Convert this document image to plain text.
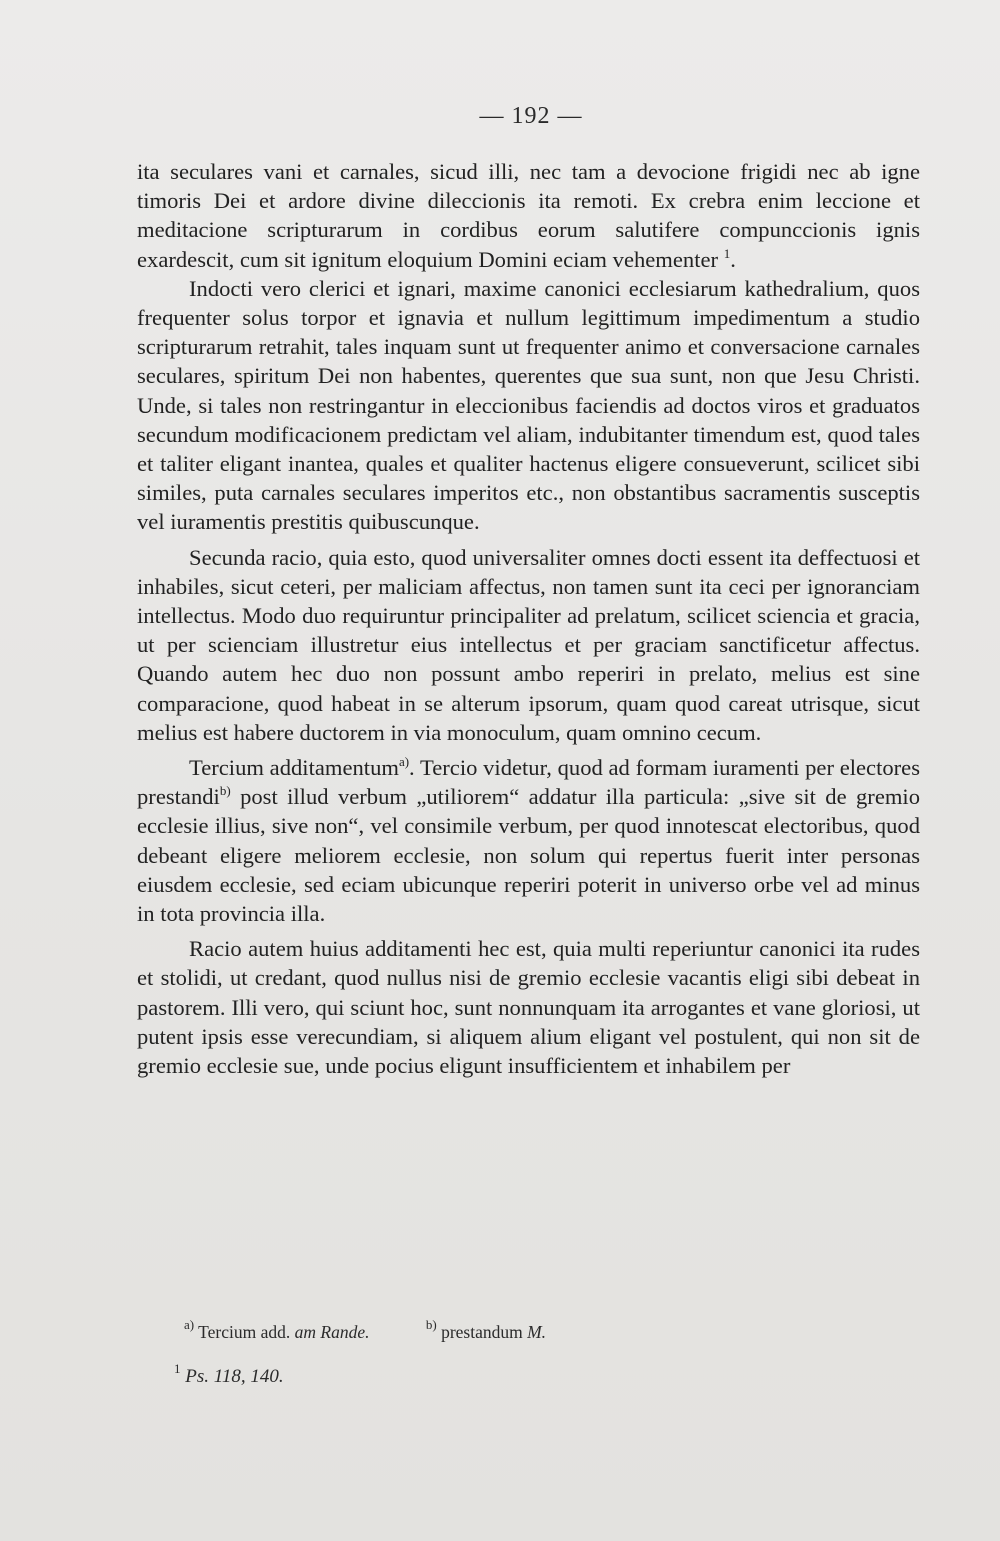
— 192 —

ita seculares vani et carnales, sicud illi, nec tam a devocione frigidi nec ab igne timoris Dei et ardore divine dileccionis ita remoti. Ex crebra enim leccione et meditacione scripturarum in cordibus eorum salutifere compunccionis ignis exardescit, cum sit ignitum eloquium Domini eciam vehementer $^1$.

Indocti vero clerici et ignari, maxime canonici ecclesiarum kathedralium, quos frequenter solus torpor et ignavia et nullum legittimum impedimentum a studio scripturarum retrahit, tales inquam sunt ut frequenter animo et conversacione carnales seculares, spiritum Dei non habentes, querentes que sua sunt, non que Jesu Christi. Unde, si tales non restringantur in eleccionibus faciendis ad doctos viros et graduatos secundum modificacionem predictam vel aliam, indubitanter timendum est, quod tales et taliter eligant inantea, quales et qualiter hactenus eligere consueverunt, scilicet sibi similes, puta carnales seculares imperitos etc., non obstantibus sacramentis susceptis vel iuramentis prestitis quibuscunque.

Secunda racio, quia esto, quod universaliter omnes docti essent ita deffectuosi et inhabiles, sicut ceteri, per maliciam affectus, non tamen sunt ita ceci per ignoranciam intellectus. Modo duo requiruntur principaliter ad prelatum, scilicet sciencia et gracia, ut per scienciam illustretur eius intellectus et per graciam sanctificetur affectus. Quando autem hec duo non possunt ambo reperiri in prelato, melius est sine comparacione, quod habeat in se alterum ipsorum, quam quod careat utrisque, sicut melius est habere ductorem in via monoculum, quam omnino cecum.

Tercium additamentum$^{a)}$. Tercio videtur, quod ad formam iuramenti per electores prestandi$^{b)}$ post illud verbum „utiliorem“ addatur illa particula: „sive sit de gremio ecclesie illius, sive non“, vel consimile verbum, per quod innotescat electoribus, quod debeant eligere meliorem ecclesie, non solum qui repertus fuerit inter personas eiusdem ecclesie, sed eciam ubicunque reperiri poterit in universo orbe vel ad minus in tota provincia illa.

Racio autem huius additamenti hec est, quia multi reperiuntur canonici ita rudes et stolidi, ut credant, quod nullus nisi de gremio ecclesie vacantis eligi sibi debeat in pastorem. Illi vero, qui sciunt hoc, sunt nonnunquam ita arrogantes et vane gloriosi, ut putent ipsis esse verecundiam, si aliquem alium eligant vel postulent, qui non sit de gremio ecclesie sue, unde pocius eligunt insufficientem et inhabilem per

$^{a)}$ Tercium add. am Rande.	$^{b)}$ prestandum M.
$^1$ Ps. 118, 140.
